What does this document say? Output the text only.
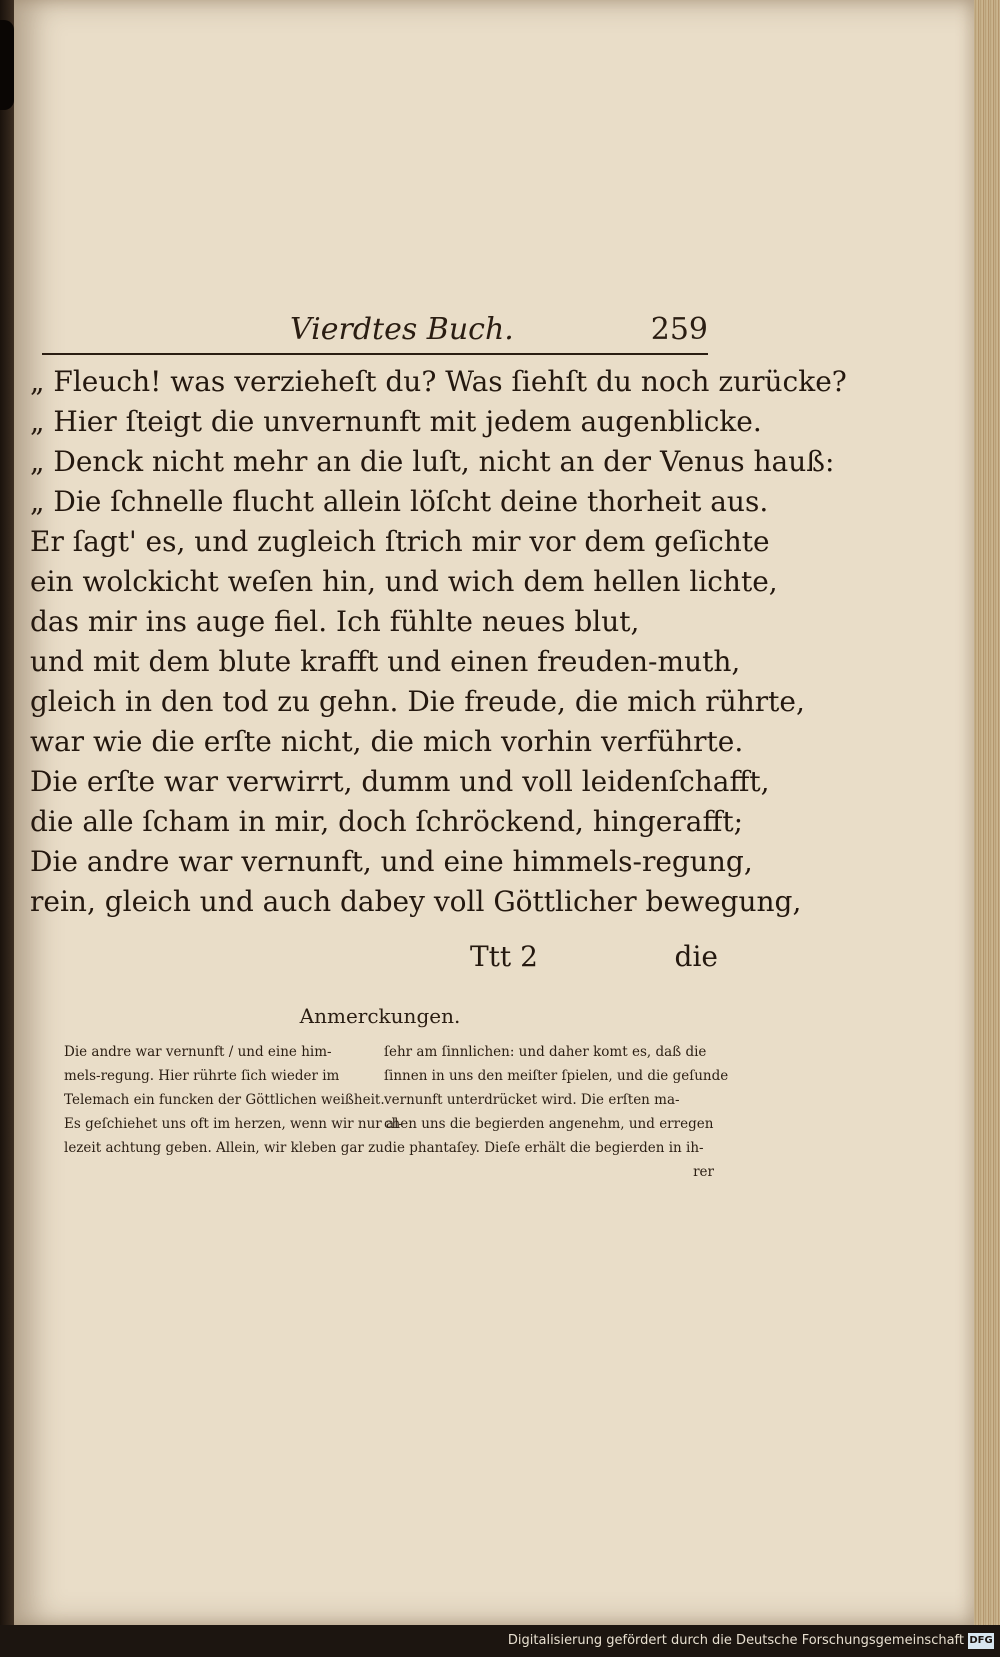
Vierdtes Buch.	259
„ Fleuch! was verzieheſt du? Was ſiehſt du noch zurücke?
„ Hier ſteigt die unvernunft mit jedem augenblicke.
„ Denck nicht mehr an die luſt, nicht an der Venus hauß:
„ Die ſchnelle flucht allein löſcht deine thorheit aus.
Er ſagt' es, und zugleich ſtrich mir vor dem geſichte
ein wolckicht weſen hin, und wich dem hellen lichte,
das mir ins auge fiel. Ich fühlte neues blut,
und mit dem blute krafft und einen freuden-muth,
gleich in den tod zu gehn. Die freude, die mich rührte,
war wie die erſte nicht, die mich vorhin verführte.
Die erſte war verwirrt, dumm und voll leidenſchafft,
die alle ſcham in mir, doch ſchröckend, hingerafft;
Die andre war vernunft, und eine himmels-regung,
rein, gleich und auch dabey voll Göttlicher bewegung,
Ttt 2	die
Anmerckungen.
Die andre war vernunft / und eine him-
mels-regung. Hier rührte ſich wieder im
Telemach ein funcken der Göttlichen weißheit.
Es geſchiehet uns oft im herzen, wenn wir nur al-
lezeit achtung geben. Allein, wir kleben gar zu
ſehr am ſinnlichen: und daher komt es, daß die
ſinnen in uns den meiſter ſpielen, und die geſunde
vernunft unterdrücket wird. Die erſten ma-
chen uns die begierden angenehm, und erregen
die phantaſey. Dieſe erhält die begierden in ih-
rer
Digitalisierung gefördert durch die Deutsche Forschungsgemeinschaft DFG
